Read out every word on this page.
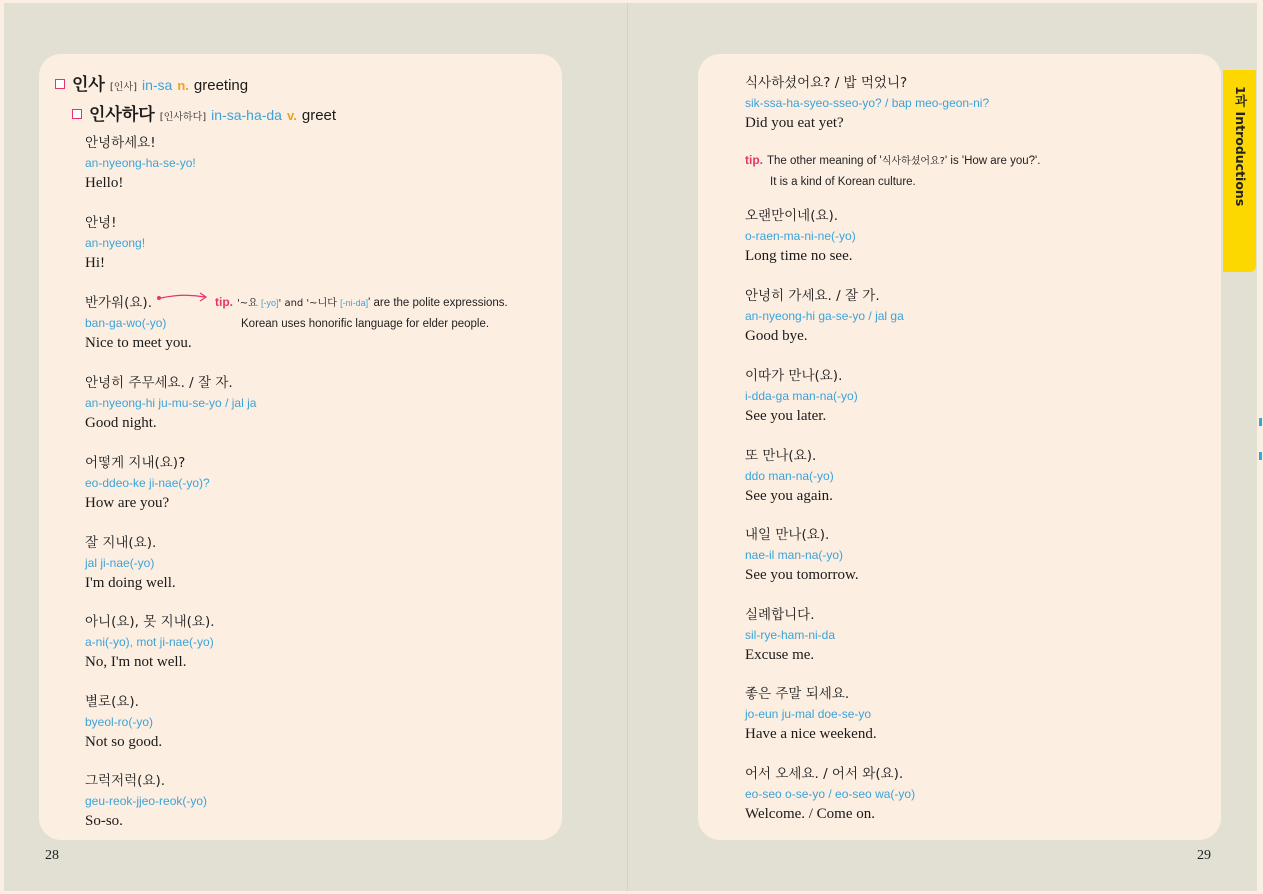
인사 [인사] in-sa n. greeting
인사하다 [인사하다] in-sa-ha-da v. greet
안녕하세요!
an-nyeong-ha-se-yo!
Hello!
안녕!
an-nyeong!
Hi!
반가워(요).
ban-ga-wo(-yo)
Nice to meet you.
안녕히 주무세요. / 잘 자.
an-nyeong-hi ju-mu-se-yo / jal ja
Good night.
어떻게 지내(요)?
eo-ddeo-ke ji-nae(-yo)?
How are you?
잘 지내(요).
jal ji-nae(-yo)
I'm doing well.
아니(요), 못 지내(요).
a-ni(-yo), mot ji-nae(-yo)
No, I'm not well.
별로(요).
byeol-ro(-yo)
Not so good.
그럭저럭(요).
geu-reok-jjeo-reok(-yo)
So-so.
tip. '~요 [-yo]' and '~니다 [-ni-da]' are the polite expressions.
Korean uses honorific language for elder people.
28
식사하셨어요? / 밥 먹었니?
sik-ssa-ha-syeo-sseo-yo? / bap meo-geon-ni?
Did you eat yet?
tip. The other meaning of '식사하셨어요?' is 'How are you?'.
It is a kind of Korean culture.
오랜만이네(요).
o-raen-ma-ni-ne(-yo)
Long time no see.
안녕히 가세요. / 잘 가.
an-nyeong-hi ga-se-yo / jal ga
Good bye.
이따가 만나(요).
i-dda-ga man-na(-yo)
See you later.
또 만나(요).
ddo man-na(-yo)
See you again.
내일 만나(요).
nae-il man-na(-yo)
See you tomorrow.
실례합니다.
sil-rye-ham-ni-da
Excuse me.
좋은 주말 되세요.
jo-eun ju-mal doe-se-yo
Have a nice weekend.
어서 오세요. / 어서 와(요).
eo-seo o-se-yo / eo-seo wa(-yo)
Welcome. / Come on.
29
1과 Introductions
